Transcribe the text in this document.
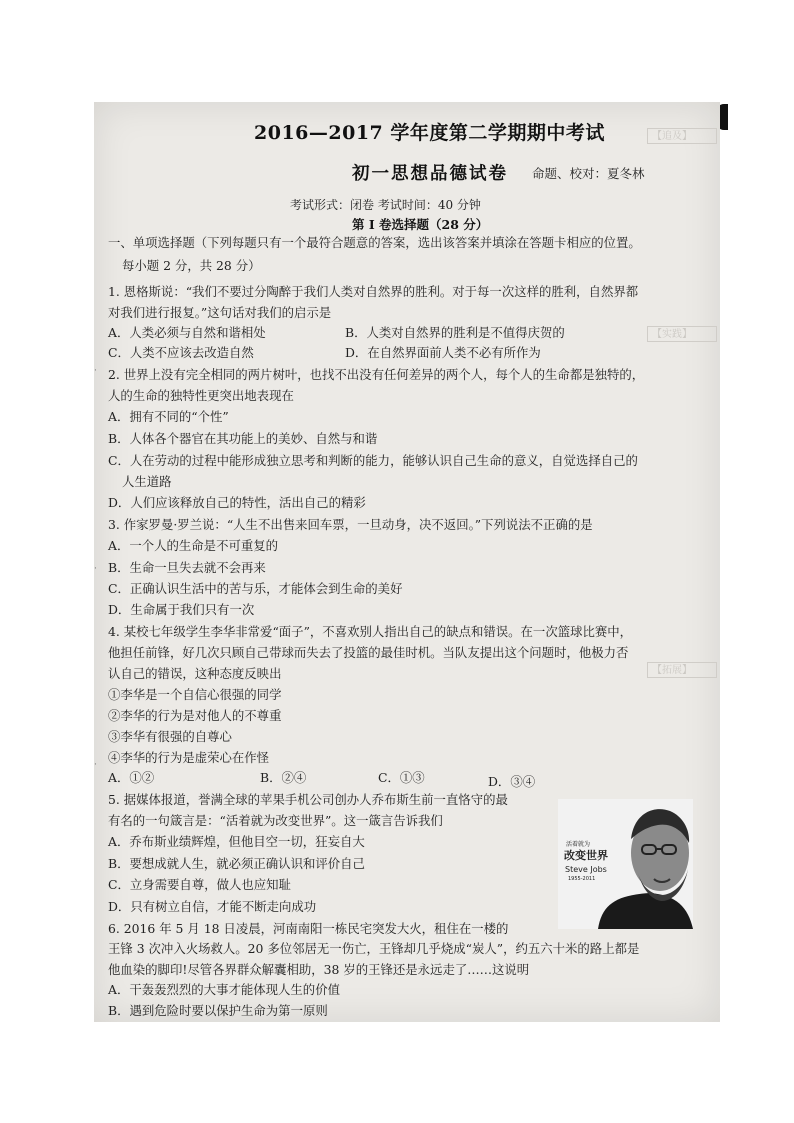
【追及】
【实践】
【拓展】
·
·
·
2016—2017 学年度第二学期期中考试
初一思想品德试卷 命题、校对：夏冬林
考试形式：闭卷 考试时间：40 分钟
第 I 卷选择题（28 分）
一、单项选择题（下列每题只有一个最符合题意的答案，选出该答案并填涂在答题卡相应的位置。
每小题 2 分，共 28 分）
1. 恩格斯说：“我们不要过分陶醉于我们人类对自然界的胜利。对于每一次这样的胜利，自然界都
对我们进行报复。”这句话对我们的启示是
A．人类必须与自然和谐相处	B．人类对自然界的胜利是不值得庆贺的
C．人类不应该去改造自然	D．在自然界面前人类不必有所作为
2. 世界上没有完全相同的两片树叶，也找不出没有任何差异的两个人，每个人的生命都是独特的，
人的生命的独特性更突出地表现在
A．拥有不同的“个性”
B．人体各个器官在其功能上的美妙、自然与和谐
C．人在劳动的过程中能形成独立思考和判断的能力，能够认识自己生命的意义，自觉选择自己的
人生道路
D．人们应该释放自己的特性，活出自己的精彩
3. 作家罗曼·罗兰说：“人生不出售来回车票，一旦动身，决不返回。”下列说法不正确的是
A．一个人的生命是不可重复的
B．生命一旦失去就不会再来
C．正确认识生活中的苦与乐，才能体会到生命的美好
D．生命属于我们只有一次
4. 某校七年级学生李华非常爱“面子”，不喜欢别人指出自己的缺点和错误。在一次篮球比赛中，
他担任前锋，好几次只顾自己带球而失去了投篮的最佳时机。当队友提出这个问题时，他极力否
认自己的错误，这种态度反映出
①李华是一个自信心很强的同学
②李华的行为是对他人的不尊重
③李华有很强的自尊心
④李华的行为是虚荣心在作怪
A．①②	B．②④	C．①③	D．③④
5. 据媒体报道，誉满全球的苹果手机公司创办人乔布斯生前一直恪守的最
有名的一句箴言是：“活着就为改变世界”。这一箴言告诉我们
A．乔布斯业绩辉煌，但他目空一切，狂妄自大
B．要想成就人生，就必须正确认识和评价自己
C．立身需要自尊，做人也应知耻
D．只有树立自信，才能不断走向成功
6. 2016 年 5 月 18 日凌晨，河南南阳一栋民宅突发大火，租住在一楼的
王锋 3 次冲入火场救人。20 多位邻居无一伤亡，王锋却几乎烧成“炭人”，约五六十米的路上都是
他血染的脚印!尽管各界群众解囊相助，38 岁的王锋还是永远走了……这说明
A．干轰轰烈烈的大事才能体现人生的价值
B．遇到危险时要以保护生命为第一原则
活着就为
改变世界
Steve Jobs
1955-2011
